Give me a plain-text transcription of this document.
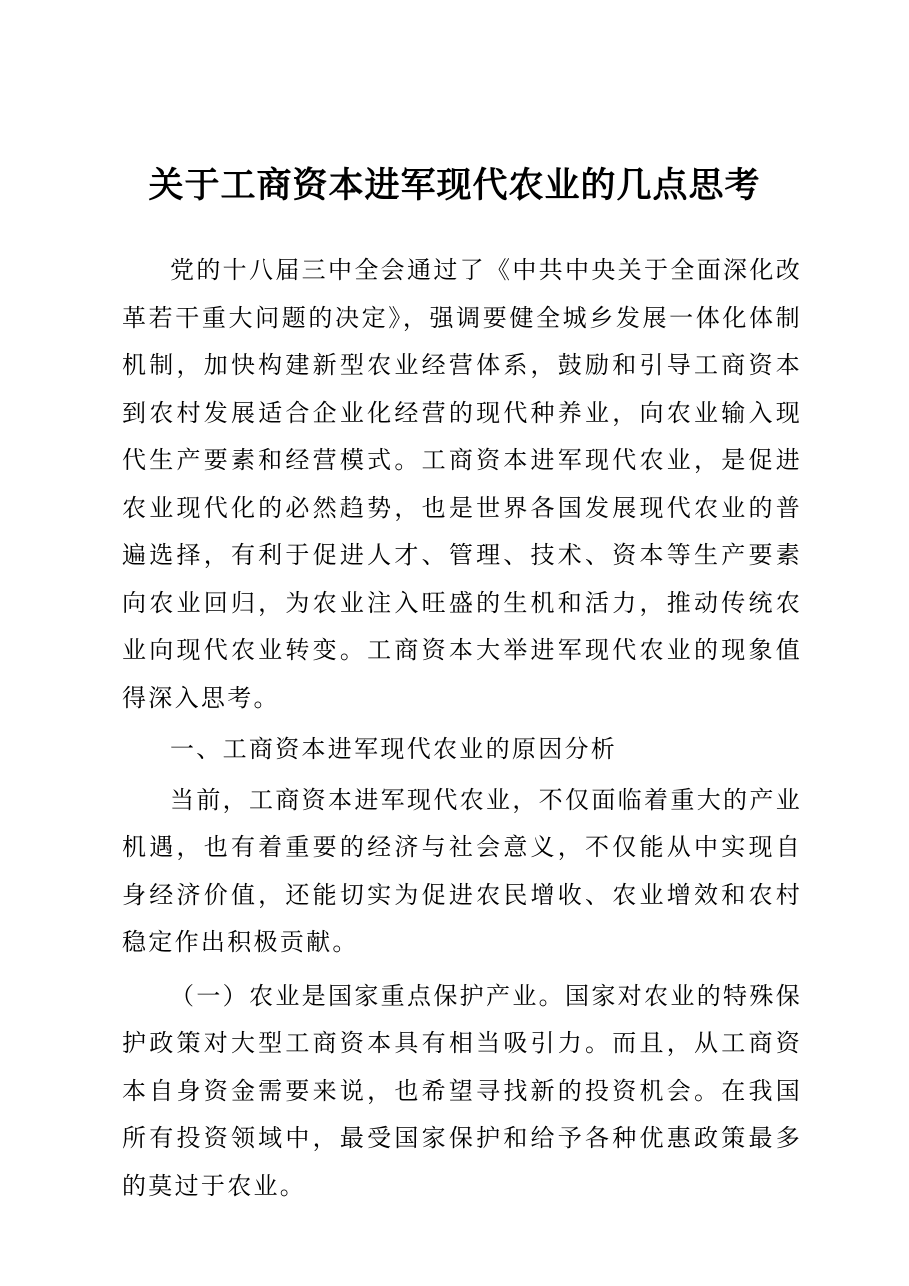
关于工商资本进军现代农业的几点思考

党的十八届三中全会通过了《中共中央关于全面深化改革若干重大问题的决定》，强调要健全城乡发展一体化体制机制，加快构建新型农业经营体系，鼓励和引导工商资本到农村发展适合企业化经营的现代种养业，向农业输入现代生产要素和经营模式。工商资本进军现代农业，是促进农业现代化的必然趋势，也是世界各国发展现代农业的普遍选择，有利于促进人才、管理、技术、资本等生产要素向农业回归，为农业注入旺盛的生机和活力，推动传统农业向现代农业转变。工商资本大举进军现代农业的现象值得深入思考。

一、工商资本进军现代农业的原因分析

当前，工商资本进军现代农业，不仅面临着重大的产业机遇，也有着重要的经济与社会意义，不仅能从中实现自身经济价值，还能切实为促进农民增收、农业增效和农村稳定作出积极贡献。

（一）农业是国家重点保护产业。国家对农业的特殊保护政策对大型工商资本具有相当吸引力。而且，从工商资本自身资金需要来说，也希望寻找新的投资机会。在我国所有投资领域中，最受国家保护和给予各种优惠政策最多的莫过于农业。
